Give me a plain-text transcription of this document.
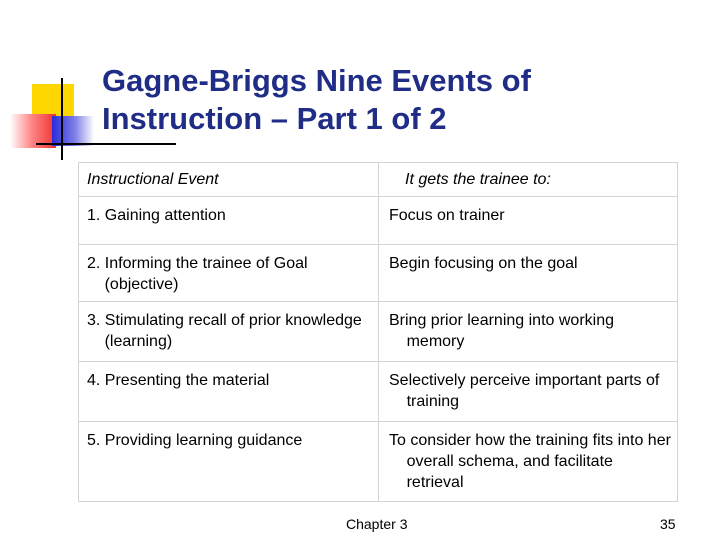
Gagne-Briggs Nine Events of
Instruction – Part 1 of 2
Instructional Event	It gets the trainee to:

1. Gaining attention	Focus on trainer

2. Informing the trainee of Goal (objective)	Begin focusing on the goal

3. Stimulating recall of prior knowledge (learning)	Bring prior learning into working memory

4. Presenting the material	Selectively perceive important parts of training

5. Providing learning guidance	To consider how the training fits into her overall schema, and facilitate retrieval
Chapter 3	35
